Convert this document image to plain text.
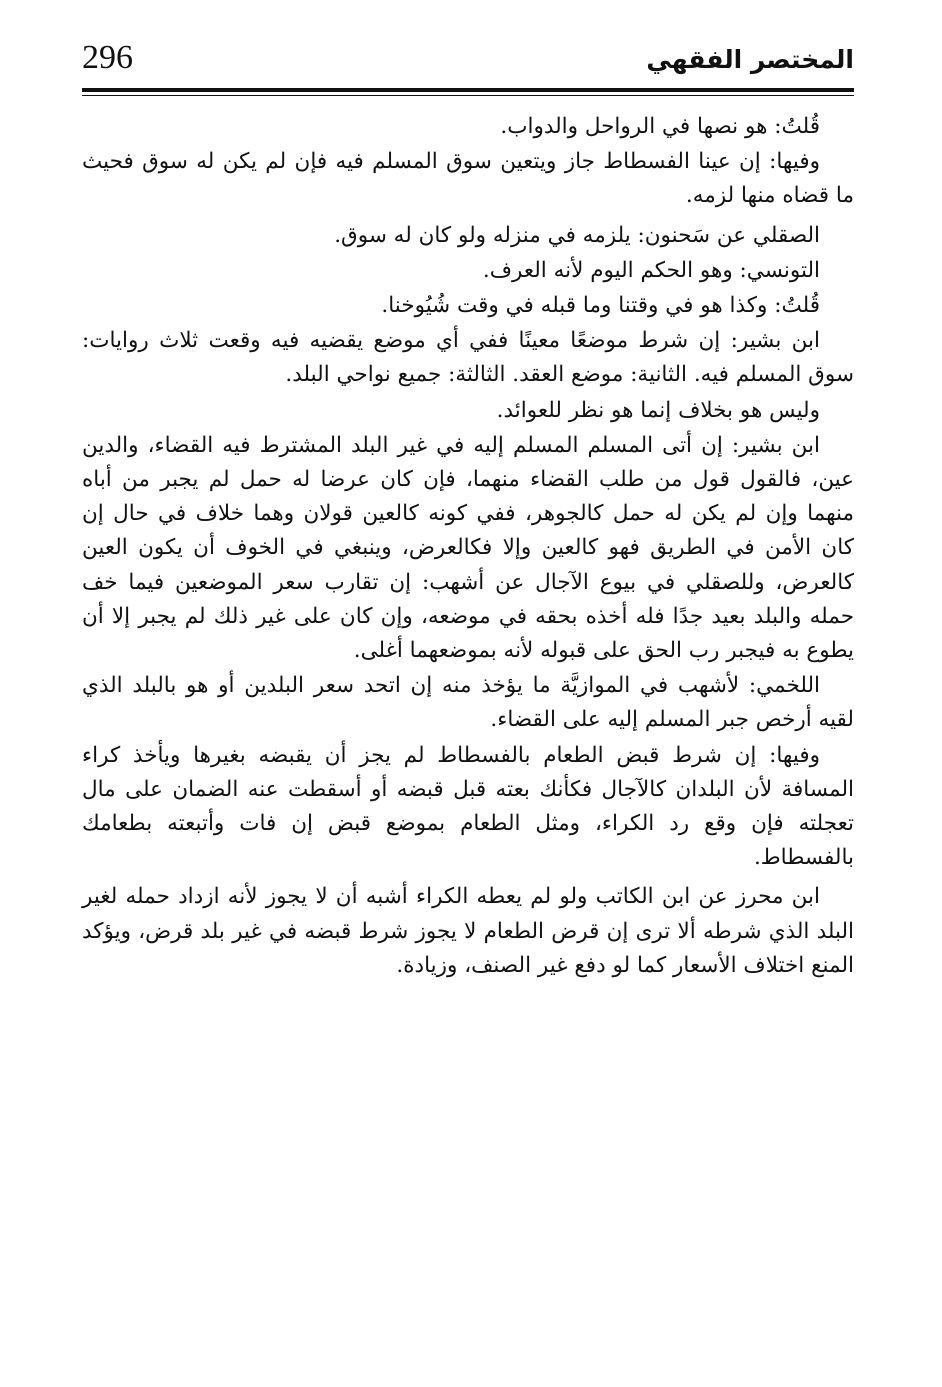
296	المختصر الفقهي

قُلتُ: هو نصها في الرواحل والدواب.

وفيها: إن عينا الفسطاط جاز ويتعين سوق المسلم فيه فإن لم يكن له سوق فحيث ما قضاه منها لزمه.

الصقلي عن سَحنون: يلزمه في منزله ولو كان له سوق.

التونسي: وهو الحكم اليوم لأنه العرف.

قُلتُ: وكذا هو في وقتنا وما قبله في وقت شُيُوخنا.

ابن بشير: إن شرط موضعًا معينًا ففي أي موضع يقضيه فيه وقعت ثلاث روايات: سوق المسلم فيه. الثانية: موضع العقد. الثالثة: جميع نواحي البلد.

وليس هو بخلاف إنما هو نظر للعوائد.

ابن بشير: إن أتى المسلم المسلم إليه في غير البلد المشترط فيه القضاء، والدين عين، فالقول قول من طلب القضاء منهما، فإن كان عرضا له حمل لم يجبر من أباه منهما وإن لم يكن له حمل كالجوهر، ففي كونه كالعين قولان وهما خلاف في حال إن كان الأمن في الطريق فهو كالعين وإلا فكالعرض، وينبغي في الخوف أن يكون العين كالعرض، وللصقلي في بيوع الآجال عن أشهب: إن تقارب سعر الموضعين فيما خف حمله والبلد بعيد جدًا فله أخذه بحقه في موضعه، وإن كان على غير ذلك لم يجبر إلا أن يطوع به فيجبر رب الحق على قبوله لأنه بموضعهما أغلى.

اللخمي: لأشهب في الموازيَّة ما يؤخذ منه إن اتحد سعر البلدين أو هو بالبلد الذي لقيه أرخص جبر المسلم إليه على القضاء.

وفيها: إن شرط قبض الطعام بالفسطاط لم يجز أن يقبضه بغيرها ويأخذ كراء المسافة لأن البلدان كالآجال فكأنك بعته قبل قبضه أو أسقطت عنه الضمان على مال تعجلته فإن وقع رد الكراء، ومثل الطعام بموضع قبض إن فات وأتبعته بطعامك بالفسطاط.

ابن محرز عن ابن الكاتب ولو لم يعطه الكراء أشبه أن لا يجوز لأنه ازداد حمله لغير البلد الذي شرطه ألا ترى إن قرض الطعام لا يجوز شرط قبضه في غير بلد قرض، ويؤكد المنع اختلاف الأسعار كما لو دفع غير الصنف، وزيادة.
